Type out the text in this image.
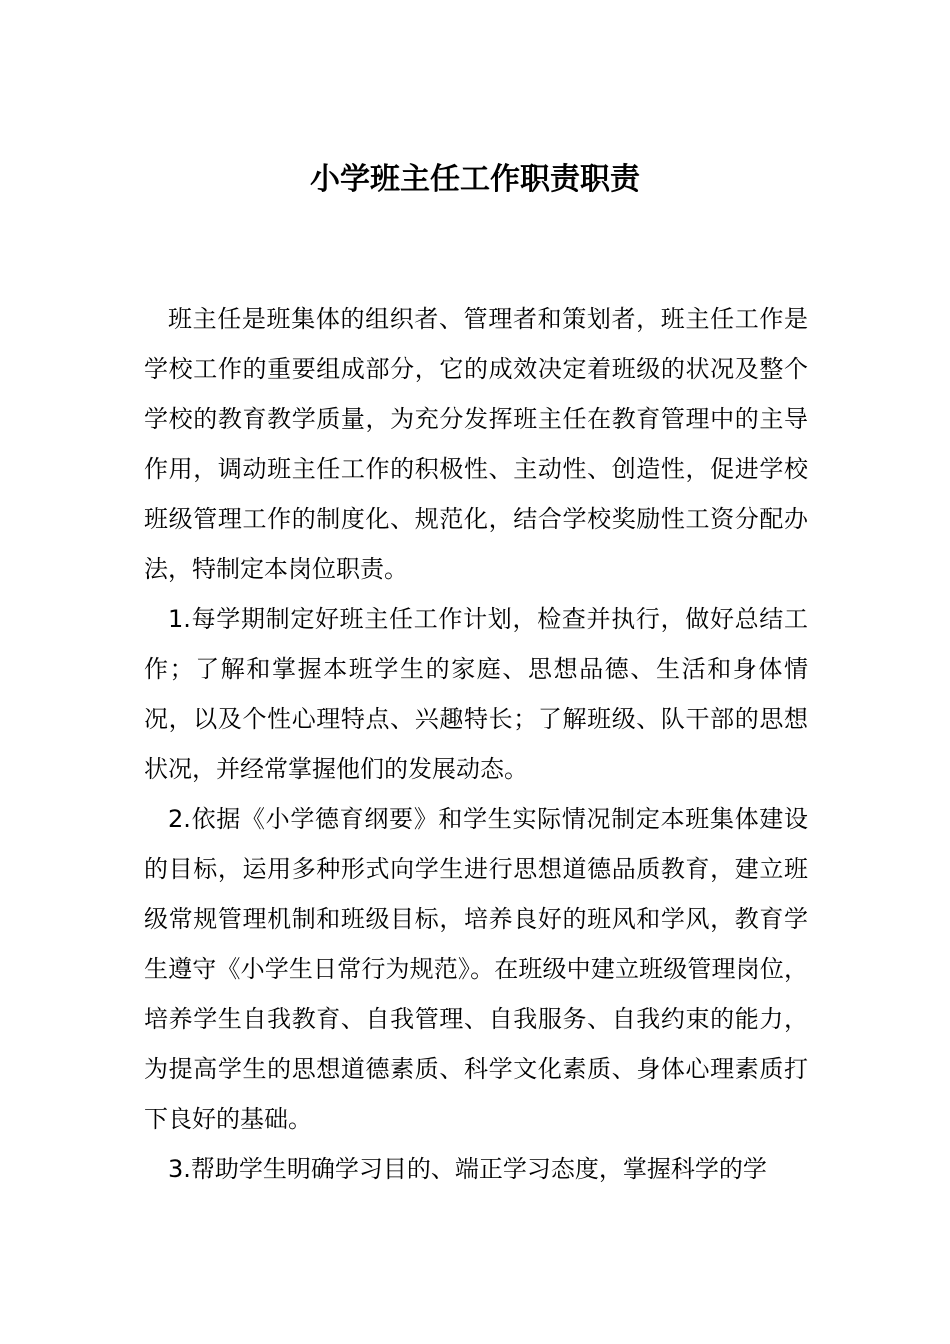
小学班主任工作职责职责

班主任是班集体的组织者、管理者和策划者，班主任工作是学校工作的重要组成部分，它的成效决定着班级的状况及整个学校的教育教学质量，为充分发挥班主任在教育管理中的主导作用，调动班主任工作的积极性、主动性、创造性，促进学校班级管理工作的制度化、规范化，结合学校奖励性工资分配办法，特制定本岗位职责。

1.每学期制定好班主任工作计划，检查并执行，做好总结工作；了解和掌握本班学生的家庭、思想品德、生活和身体情况，以及个性心理特点、兴趣特长；了解班级、队干部的思想状况，并经常掌握他们的发展动态。

2.依据《小学德育纲要》和学生实际情况制定本班集体建设的目标，运用多种形式向学生进行思想道德品质教育，建立班级常规管理机制和班级目标，培养良好的班风和学风，教育学生遵守《小学生日常行为规范》。在班级中建立班级管理岗位，培养学生自我教育、自我管理、自我服务、自我约束的能力，为提高学生的思想道德素质、科学文化素质、身体心理素质打下良好的基础。

3.帮助学生明确学习目的、端正学习态度，掌握科学的学
